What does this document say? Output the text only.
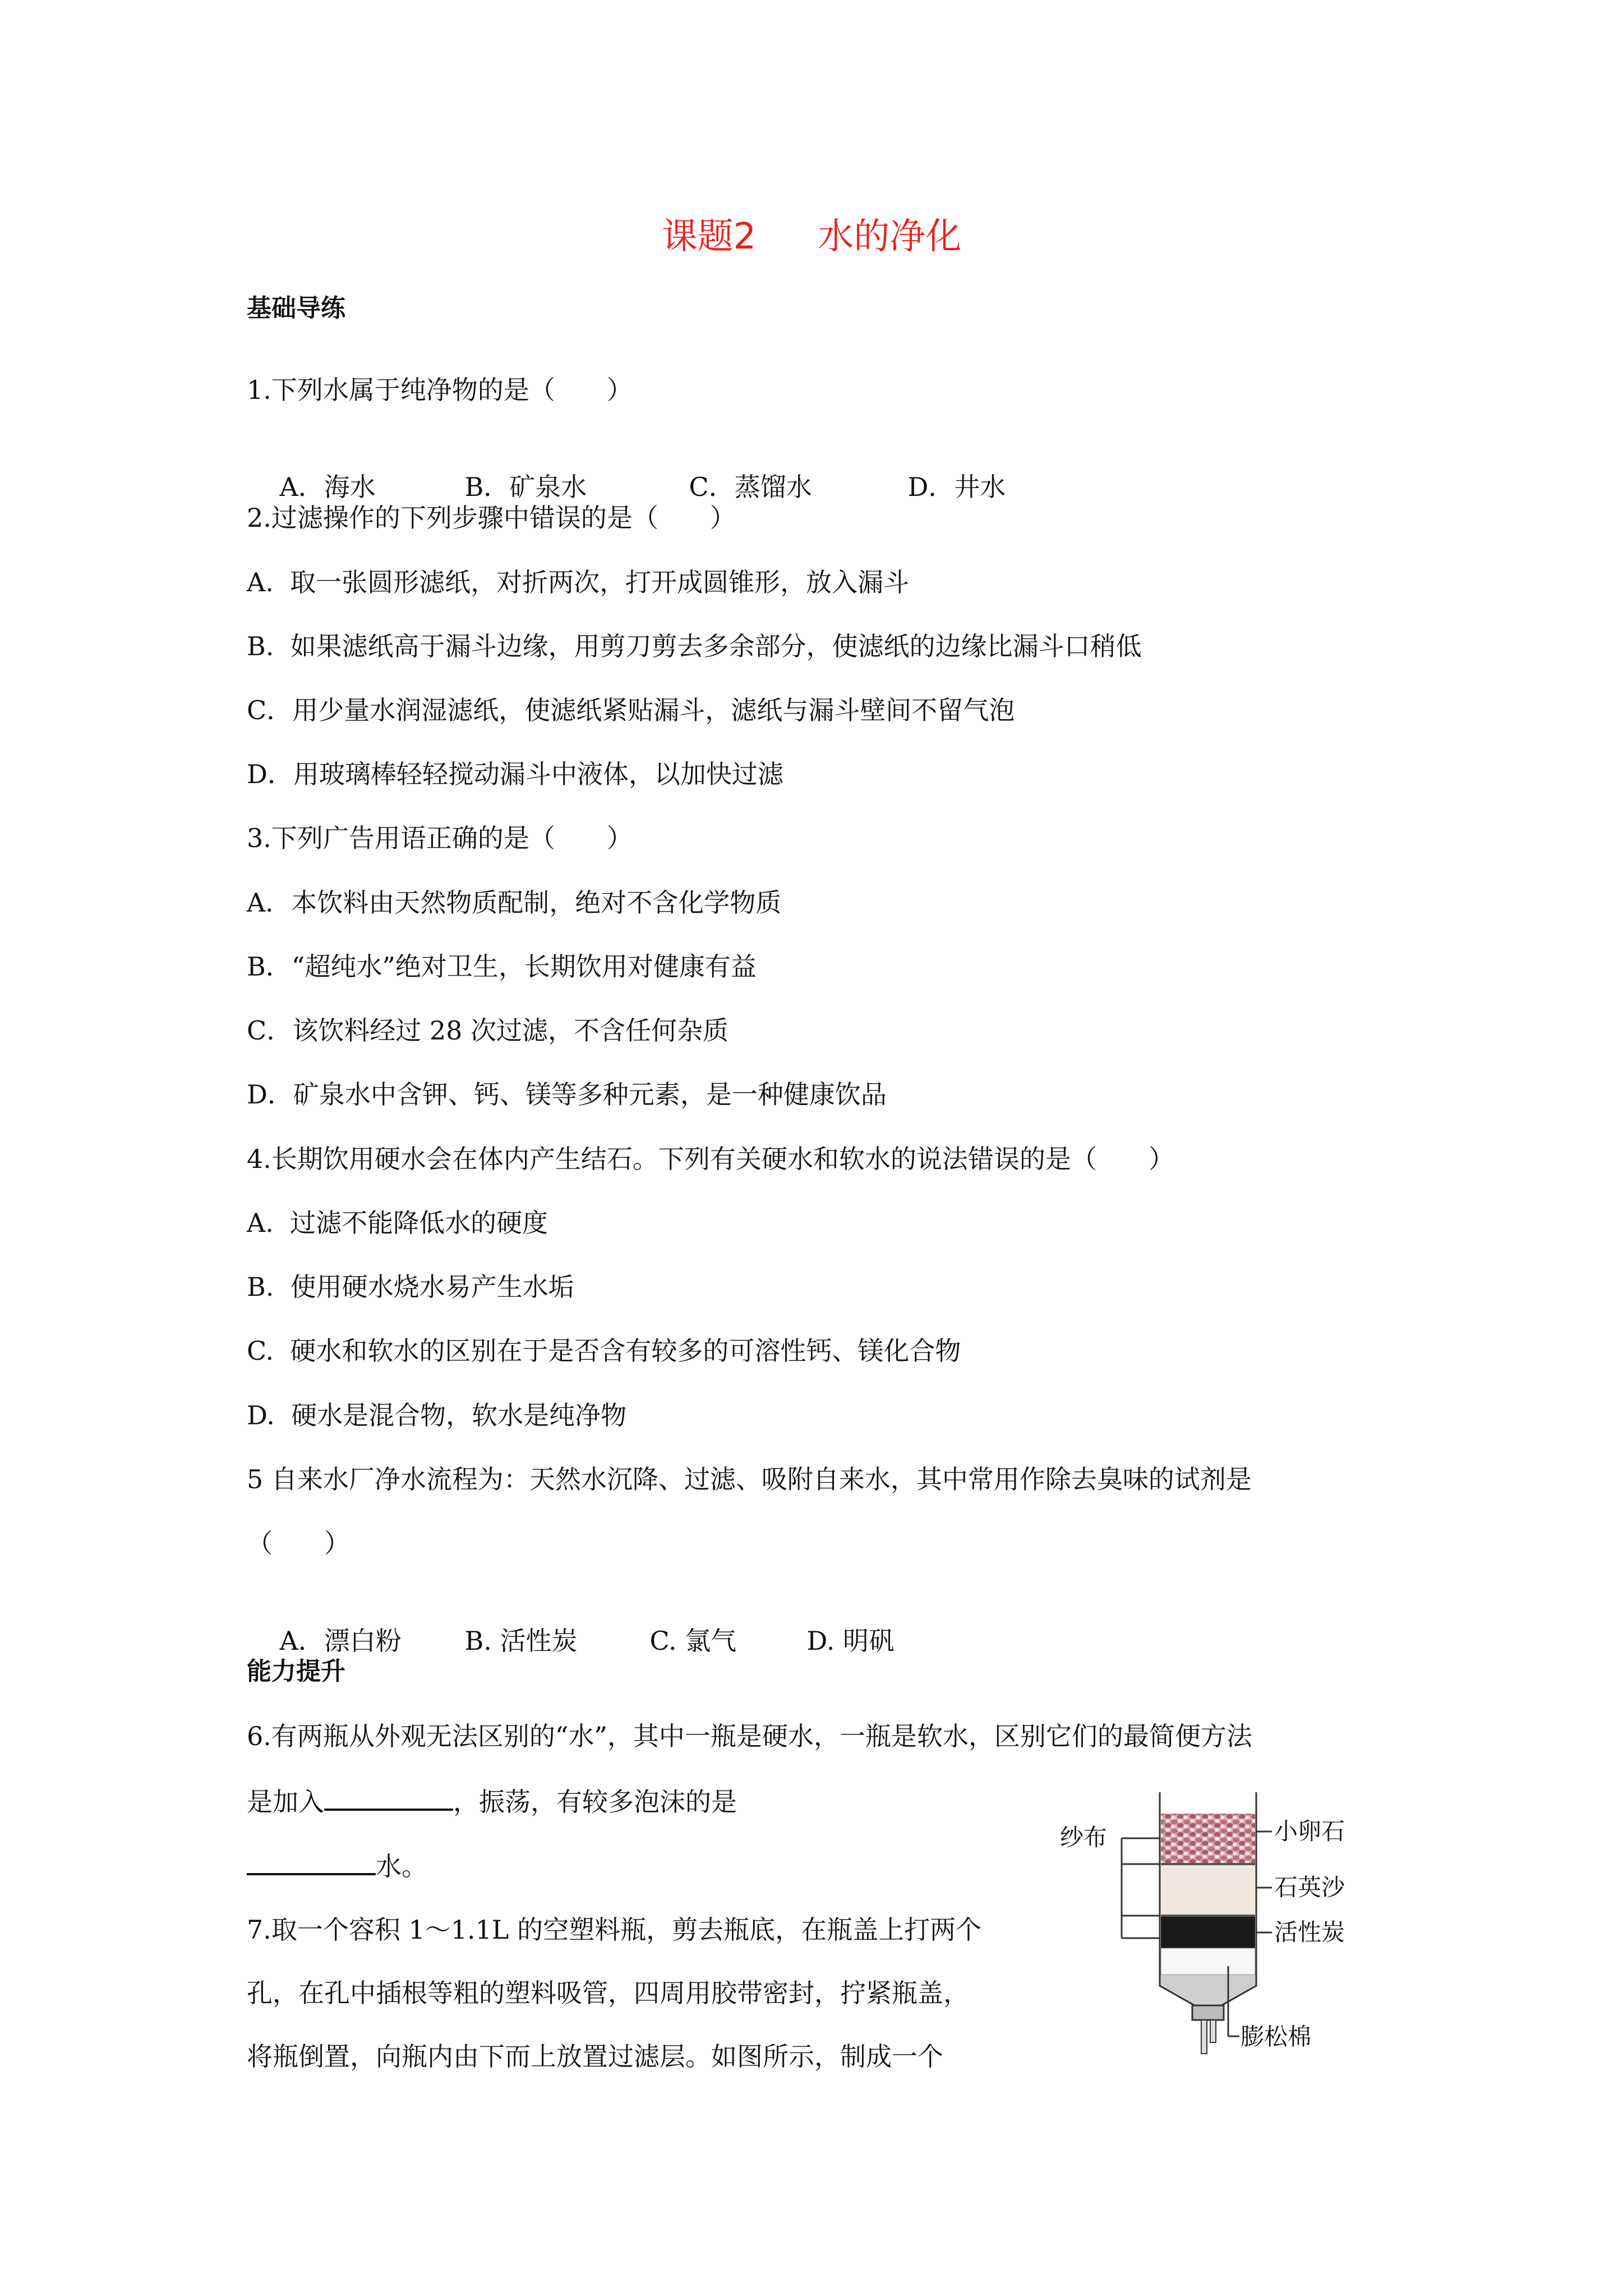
课题2 水的净化
基础导练
1.下列水属于纯净物的是（　　）

A．海水	B．矿泉水	C．蒸馏水	D．井水

2.过滤操作的下列步骤中错误的是（　　）
A.  取一张圆形滤纸，对折两次，打开成圆锥形，放入漏斗
B.  如果滤纸高于漏斗边缘，用剪刀剪去多余部分，使滤纸的边缘比漏斗口稍低
C．用少量水润湿滤纸，使滤纸紧贴漏斗，滤纸与漏斗壁间不留气泡
D．用玻璃棒轻轻搅动漏斗中液体，以加快过滤
3.下列广告用语正确的是（　　）
A．本饮料由天然物质配制，绝对不含化学物质
B．“超纯水”绝对卫生，长期饮用对健康有益
C．该饮料经过 28 次过滤，不含任何杂质
D．矿泉水中含钾、钙、镁等多种元素，是一种健康饮品
4.长期饮用硬水会在体内产生结石。下列有关硬水和软水的说法错误的是（　　）
A.  过滤不能降低水的硬度
B.  使用硬水烧水易产生水垢
C.  硬水和软水的区别在于是否含有较多的可溶性钙、镁化合物
D.  硬水是混合物，软水是纯净物
5 自来水厂净水流程为：天然水沉降、过滤、吸附自来水，其中常用作除去臭味的试剂是
（　　）

A．漂白粉 B. 活性炭	C. 氯气	D. 明矾

能力提升
6.有两瓶从外观无法区别的“水”，其中一瓶是硬水，一瓶是软水，区别它们的最简便方法
是加入	，振荡，有较多泡沫的是
水。
7.取一个容积 1～1.1L 的空塑料瓶，剪去瓶底，在瓶盖上打两个
孔，在孔中插根等粗的塑料吸管，四周用胶带密封，拧紧瓶盖，
将瓶倒置，向瓶内由下而上放置过滤层。如图所示，制成一个
纱布	小卵石
石英沙
活性炭
膨松棉
